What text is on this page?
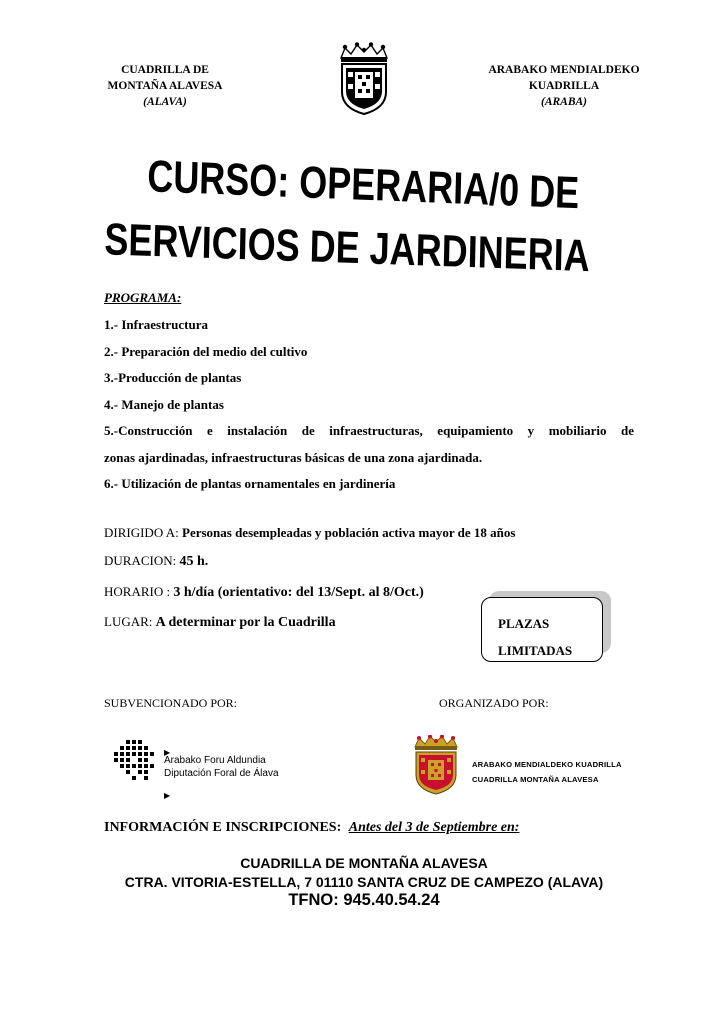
CUADRILLA DE
MONTAÑA ALAVESA
(ALAVA)
ARABAKO MENDIALDEKO
KUADRILLA
(ARABA)
CURSO: OPERARIA/0 DE
SERVICIOS DE JARDINERIA
PROGRAMA:

1.- Infraestructura

2.- Preparación del medio del cultivo

3.-Producción de plantas

4.- Manejo de plantas

5.-Construcción e instalación de infraestructuras, equipamiento y mobiliario de

zonas ajardinadas, infraestructuras básicas de una zona ajardinada.

6.- Utilización de plantas ornamentales en jardinería

DIRIGIDO A: Personas desempleadas y población activa mayor de 18 años
DURACION: 45 h.
HORARIO : 3 h/día (orientativo: del 13/Sept. al 8/Oct.)
LUGAR: A determinar por la Cuadrilla	PLAZAS
LIMITADAS
SUBVENCIONADO POR:	ORGANIZADO POR:
▶
Arabako Foru Aldundia
Diputación Foral de Álava
▶
ARABAKO MENDIALDEKO KUADRILLA
CUADRILLA MONTAÑA ALAVESA
INFORMACIÓN E INSCRIPCIONES: Antes del 3 de Septiembre en:
CUADRILLA DE MONTAÑA ALAVESA
CTRA. VITORIA-ESTELLA, 7 01110 SANTA CRUZ DE CAMPEZO (ALAVA)
TFNO: 945.40.54.24
